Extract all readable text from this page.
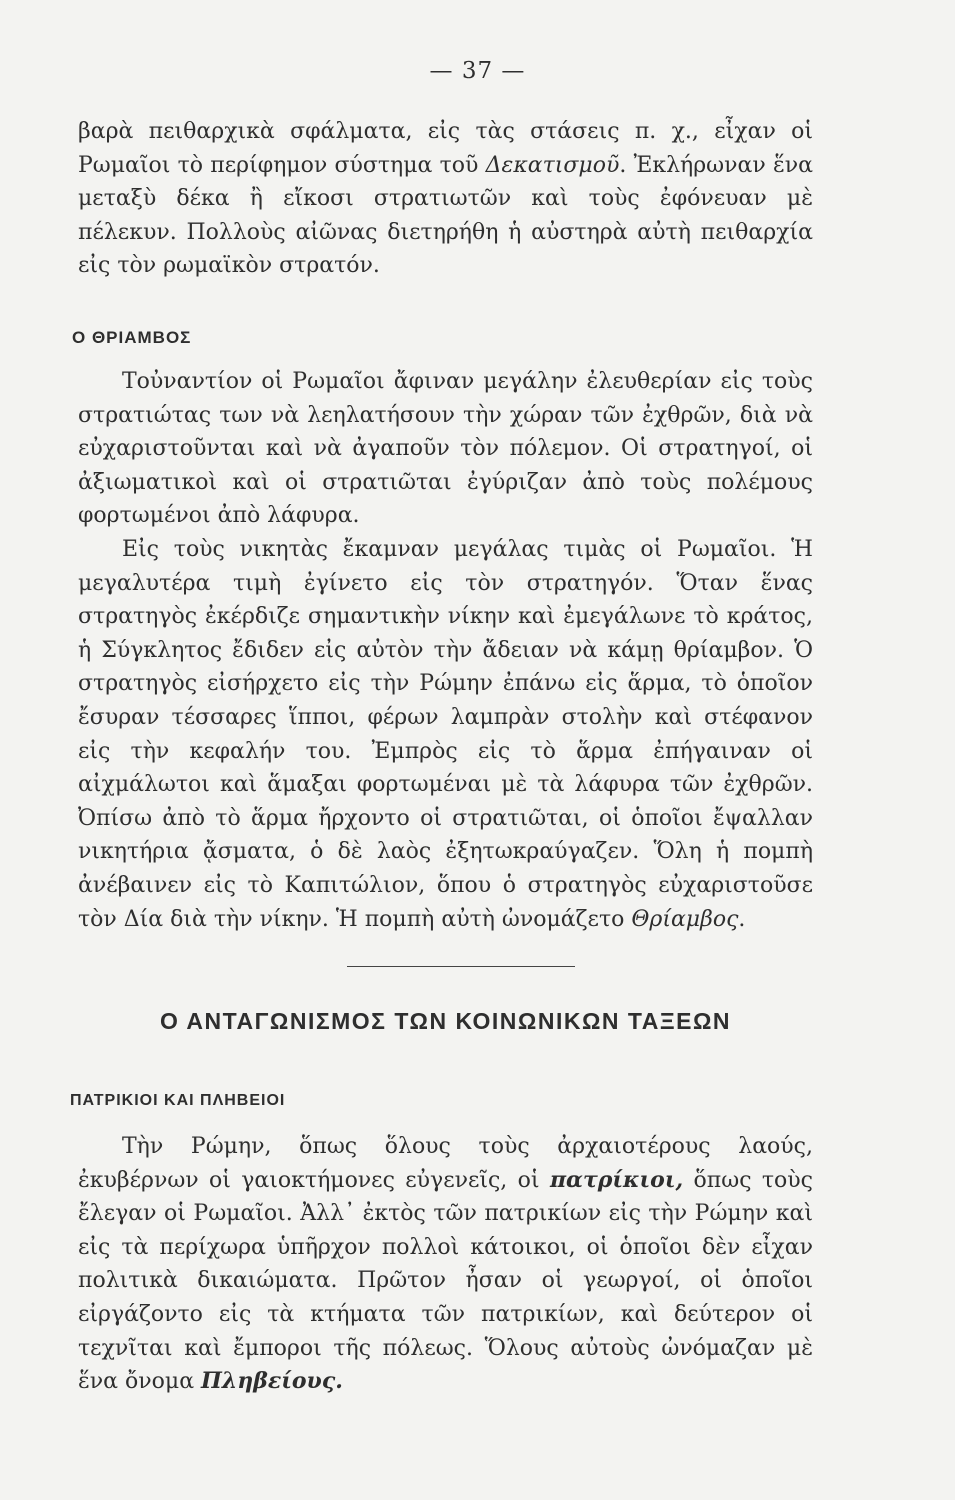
— 37 —

βαρὰ πειθαρχικὰ σφάλματα, εἰς τὰς στάσεις π. χ., εἶχαν οἱ Ρωμαῖοι τὸ περίφημον σύστημα τοῦ Δεκατισμοῦ. Ἐκλήρωναν ἕνα μεταξὺ δέκα ἢ εἴκοσι στρατιωτῶν καὶ τοὺς ἐφόνευαν μὲ πέλεκυν. Πολλοὺς αἰῶνας διετηρήθη ἡ αὐστηρὰ αὐτὴ πειθαρχία εἰς τὸν ρωμαϊκὸν στρατόν.

Ο ΘΡΙΑΜΒΟΣ

Τοὐναντίον οἱ Ρωμαῖοι ἄφιναν μεγάλην ἐλευθερίαν εἰς τοὺς στρατιώτας των νὰ λεηλατήσουν τὴν χώραν τῶν ἐχθρῶν, διὰ νὰ εὐχαριστοῦνται καὶ νὰ ἀγαποῦν τὸν πόλεμον. Οἱ στρατηγοί, οἱ ἀξιωματικοὶ καὶ οἱ στρατιῶται ἐγύριζαν ἀπὸ τοὺς πολέμους φορτωμένοι ἀπὸ λάφυρα.

Εἰς τοὺς νικητὰς ἔκαμναν μεγάλας τιμὰς οἱ Ρωμαῖοι. Ἡ μεγαλυτέρα τιμὴ ἐγίνετο εἰς τὸν στρατηγόν. Ὅταν ἕνας στρατηγὸς ἐκέρδιζε σημαντικὴν νίκην καὶ ἐμεγάλωνε τὸ κράτος, ἡ Σύγκλητος ἔδιδεν εἰς αὐτὸν τὴν ἄδειαν νὰ κάμῃ θρίαμβον. Ὁ στρατηγὸς εἰσήρχετο εἰς τὴν Ρώμην ἐπάνω εἰς ἅρμα, τὸ ὁποῖον ἔσυραν τέσσαρες ἵπποι, φέρων λαμπρὰν στολὴν καὶ στέφανον εἰς τὴν κεφαλήν του. Ἐμπρὸς εἰς τὸ ἅρμα ἐπήγαιναν οἱ αἰχμάλωτοι καὶ ἅμαξαι φορτωμέναι μὲ τὰ λάφυρα τῶν ἐχθρῶν. Ὀπίσω ἀπὸ τὸ ἅρμα ἤρχοντο οἱ στρατιῶται, οἱ ὁποῖοι ἔψαλλαν νικητήρια ᾄσματα, ὁ δὲ λαὸς ἐξητωκραύγαζεν. Ὅλη ἡ πομπὴ ἀνέβαινεν εἰς τὸ Καπιτώλιον, ὅπου ὁ στρατηγὸς εὐχαριστοῦσε τὸν Δία διὰ τὴν νίκην. Ἡ πομπὴ αὐτὴ ὠνομάζετο Θρίαμβος.

Ο ΑΝΤΑΓΩΝΙΣΜΟΣ ΤΩΝ ΚΟΙΝΩΝΙΚΩΝ ΤΑΞΕΩΝ
ΠΑΤΡΙΚΙΟΙ ΚΑΙ ΠΛΗΒΕΙΟΙ

Τὴν Ρώμην, ὅπως ὅλους τοὺς ἀρχαιοτέρους λαούς, ἐκυβέρνων οἱ γαιοκτήμονες εὐγενεῖς, οἱ πατρίκιοι, ὅπως τοὺς ἔλεγαν οἱ Ρωμαῖοι. Ἀλλ᾽ ἐκτὸς τῶν πατρικίων εἰς τὴν Ρώμην καὶ εἰς τὰ περίχωρα ὑπῆρχον πολλοὶ κάτοικοι, οἱ ὁποῖοι δὲν εἶχαν πολιτικὰ δικαιώματα. Πρῶτον ἦσαν οἱ γεωργοί, οἱ ὁποῖοι εἰργάζοντο εἰς τὰ κτήματα τῶν πατρικίων, καὶ δεύτερον οἱ τεχνῖται καὶ ἔμποροι τῆς πόλεως. Ὅλους αὐτοὺς ὠνόμαζαν μὲ ἕνα ὄνομα Πληβείους.
